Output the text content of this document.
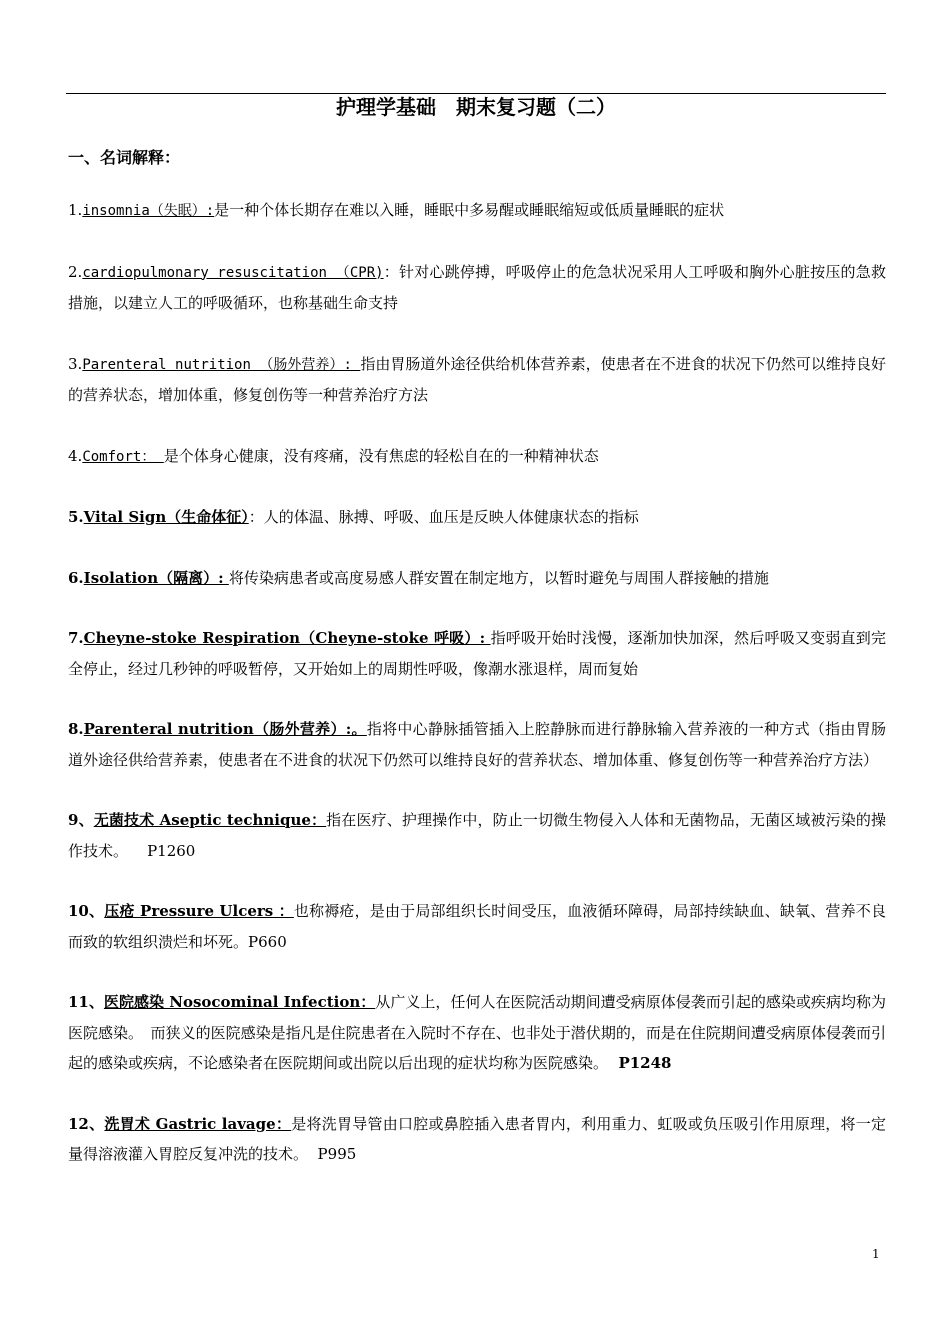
护理学基础　期末复习题（二）
一、名词解释：

1.insomnia（失眠）:是一种个体长期存在难以入睡，睡眠中多易醒或睡眠缩短或低质量睡眠的症状

2.cardiopulmonary resuscitation （CPR)：针对心跳停搏，呼吸停止的危急状况采用人工呼吸和胸外心脏按压的急救措施，以建立人工的呼吸循环，也称基础生命支持

3.Parenteral nutrition （肠外营养）: 指由胃肠道外途径供给机体营养素，使患者在不进食的状况下仍然可以维持良好的营养状态，增加体重，修复创伤等一种营养治疗方法

4.Comfort： 是个体身心健康，没有疼痛，没有焦虑的轻松自在的一种精神状态

5.Vital Sign（生命体征）：人的体温、脉搏、呼吸、血压是反映人体健康状态的指标

6.Isolation（隔离）: 将传染病患者或高度易感人群安置在制定地方，以暂时避免与周围人群接触的措施

7.Cheyne-stoke Respiration（Cheyne-stoke 呼吸）: 指呼吸开始时浅慢，逐渐加快加深，然后呼吸又变弱直到完全停止，经过几秒钟的呼吸暂停，又开始如上的周期性呼吸，像潮水涨退样，周而复始

8.Parenteral nutrition（肠外营养）:。指将中心静脉插管插入上腔静脉而进行静脉输入营养液的一种方式（指由胃肠道外途径供给营养素，使患者在不进食的状况下仍然可以维持良好的营养状态、增加体重、修复创伤等一种营养治疗方法）

9、无菌技术 Aseptic technique：指在医疗、护理操作中，防止一切微生物侵入人体和无菌物品，无菌区域被污染的操作技术。    P1260

10、压疮 Pressure Ulcers ：也称褥疮，是由于局部组织长时间受压，血液循环障碍，局部持续缺血、缺氧、营养不良而致的软组织溃烂和坏死。P660

11、医院感染 Nosocominal Infection：从广义上，任何人在医院活动期间遭受病原体侵袭而引起的感染或疾病均称为医院感染。　而狭义的医院感染是指凡是住院患者在入院时不存在、也非处于潜伏期的，而是在住院期间遭受病原体侵袭而引起的感染或疾病，不论感染者在医院期间或出院以后出现的症状均称为医院感染。  P1248

12、洗胃术 Gastric lavage：是将洗胃导管由口腔或鼻腔插入患者胃内，利用重力、虹吸或负压吸引作用原理，将一定量得溶液灌入胃腔反复冲洗的技术。  P995

1
